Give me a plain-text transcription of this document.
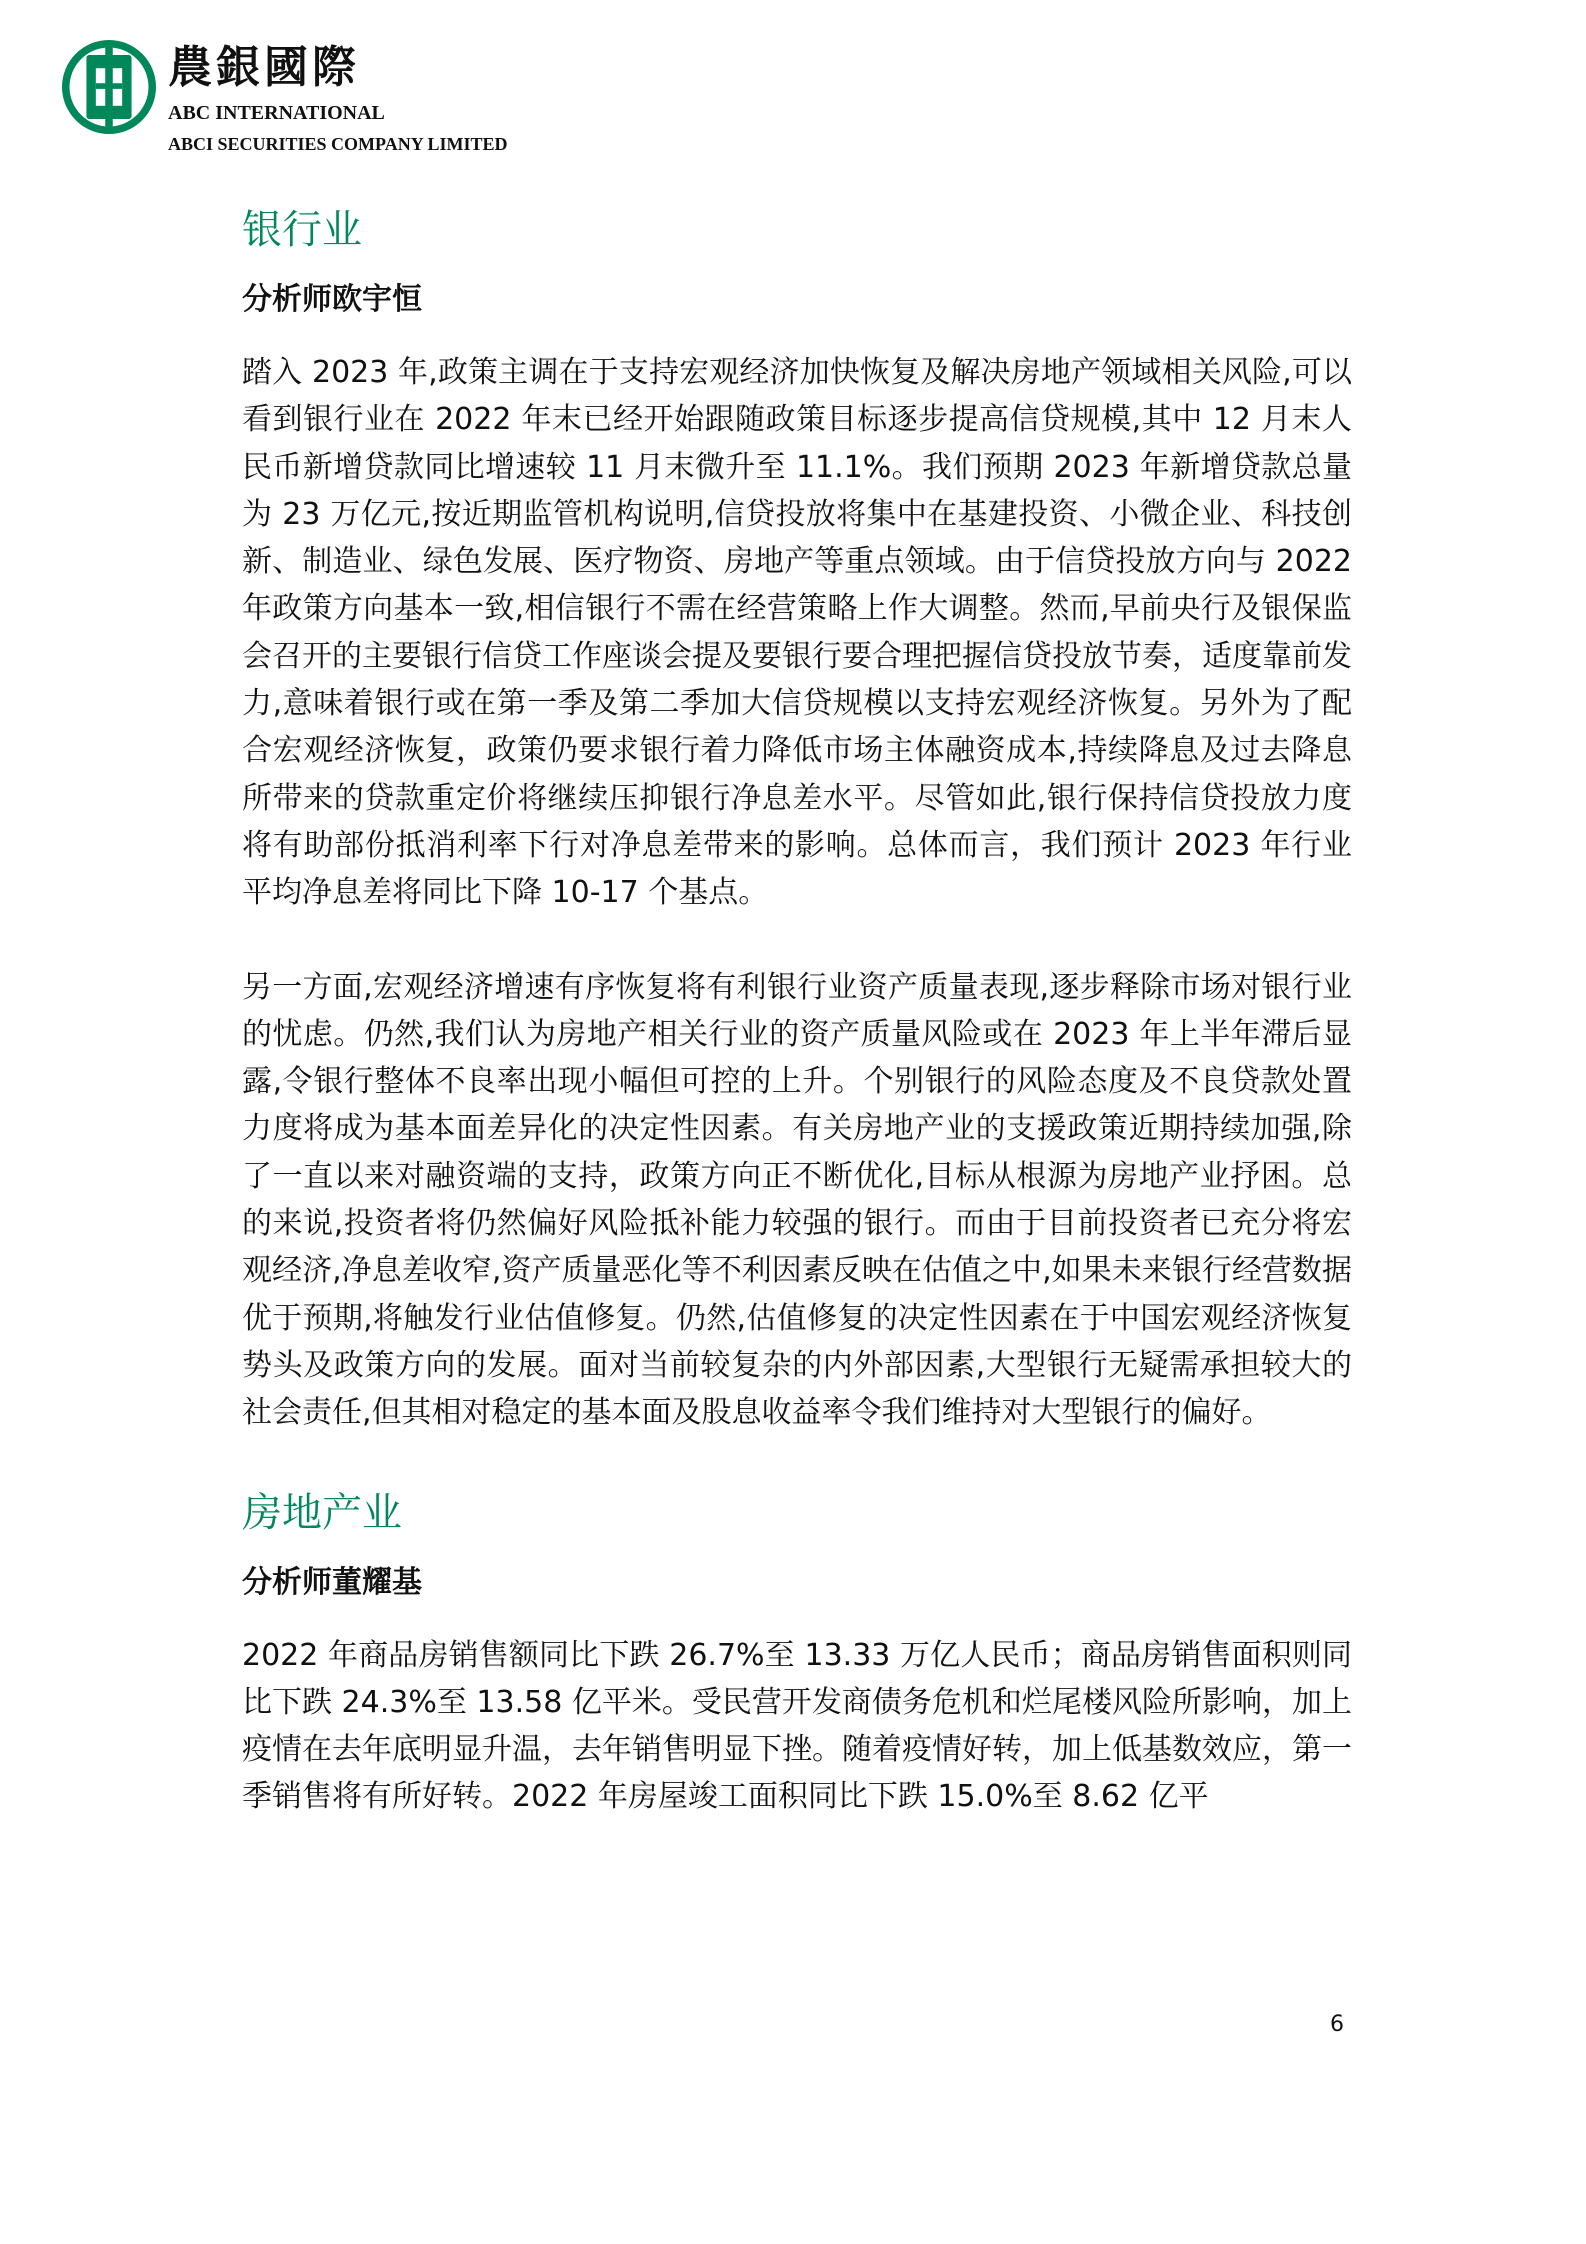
農銀國際
ABC INTERNATIONAL
ABCI SECURITIES COMPANY LIMITED
银行业
分析师欧宇恒

踏入 2023 年,政策主调在于支持宏观经济加快恢复及解决房地产领域相关风险,可以看到银行业在 2022 年末已经开始跟随政策目标逐步提高信贷规模,其中 12 月末人民币新增贷款同比增速较 11 月末微升至 11.1%。我们预期 2023 年新增贷款总量为 23 万亿元,按近期监管机构说明,信贷投放将集中在基建投资、小微企业、科技创新、制造业、绿色发展、医疗物资、房地产等重点领域。由于信贷投放方向与 2022 年政策方向基本一致,相信银行不需在经营策略上作大调整。然而,早前央行及银保监会召开的主要银行信贷工作座谈会提及要银行要合理把握信贷投放节奏，适度靠前发力,意味着银行或在第一季及第二季加大信贷规模以支持宏观经济恢复。另外为了配合宏观经济恢复，政策仍要求银行着力降低市场主体融资成本,持续降息及过去降息所带来的贷款重定价将继续压抑银行净息差水平。尽管如此,银行保持信贷投放力度将有助部份抵消利率下行对净息差带来的影响。总体而言，我们预计 2023 年行业平均净息差将同比下降 10-17 个基点。

另一方面,宏观经济增速有序恢复将有利银行业资产质量表现,逐步释除市场对银行业的忧虑。仍然,我们认为房地产相关行业的资产质量风险或在 2023 年上半年滞后显露,令银行整体不良率出现小幅但可控的上升。个别银行的风险态度及不良贷款处置力度将成为基本面差异化的决定性因素。有关房地产业的支援政策近期持续加强,除了一直以来对融资端的支持，政策方向正不断优化,目标从根源为房地产业抒困。总的来说,投资者将仍然偏好风险抵补能力较强的银行。而由于目前投资者已充分将宏观经济,净息差收窄,资产质量恶化等不利因素反映在估值之中,如果未来银行经营数据优于预期,将触发行业估值修复。仍然,估值修复的决定性因素在于中国宏观经济恢复势头及政策方向的发展。面对当前较复杂的内外部因素,大型银行无疑需承担较大的社会责任,但其相对稳定的基本面及股息收益率令我们维持对大型银行的偏好。

房地产业
分析师董耀基

2022 年商品房销售额同比下跌 26.7%至 13.33 万亿人民币；商品房销售面积则同比下跌 24.3%至 13.58 亿平米。受民营开发商债务危机和烂尾楼风险所影响，加上疫情在去年底明显升温，去年销售明显下挫。随着疫情好转，加上低基数效应，第一季销售将有所好转。2022 年房屋竣工面积同比下跌 15.0%至 8.62 亿平

6
